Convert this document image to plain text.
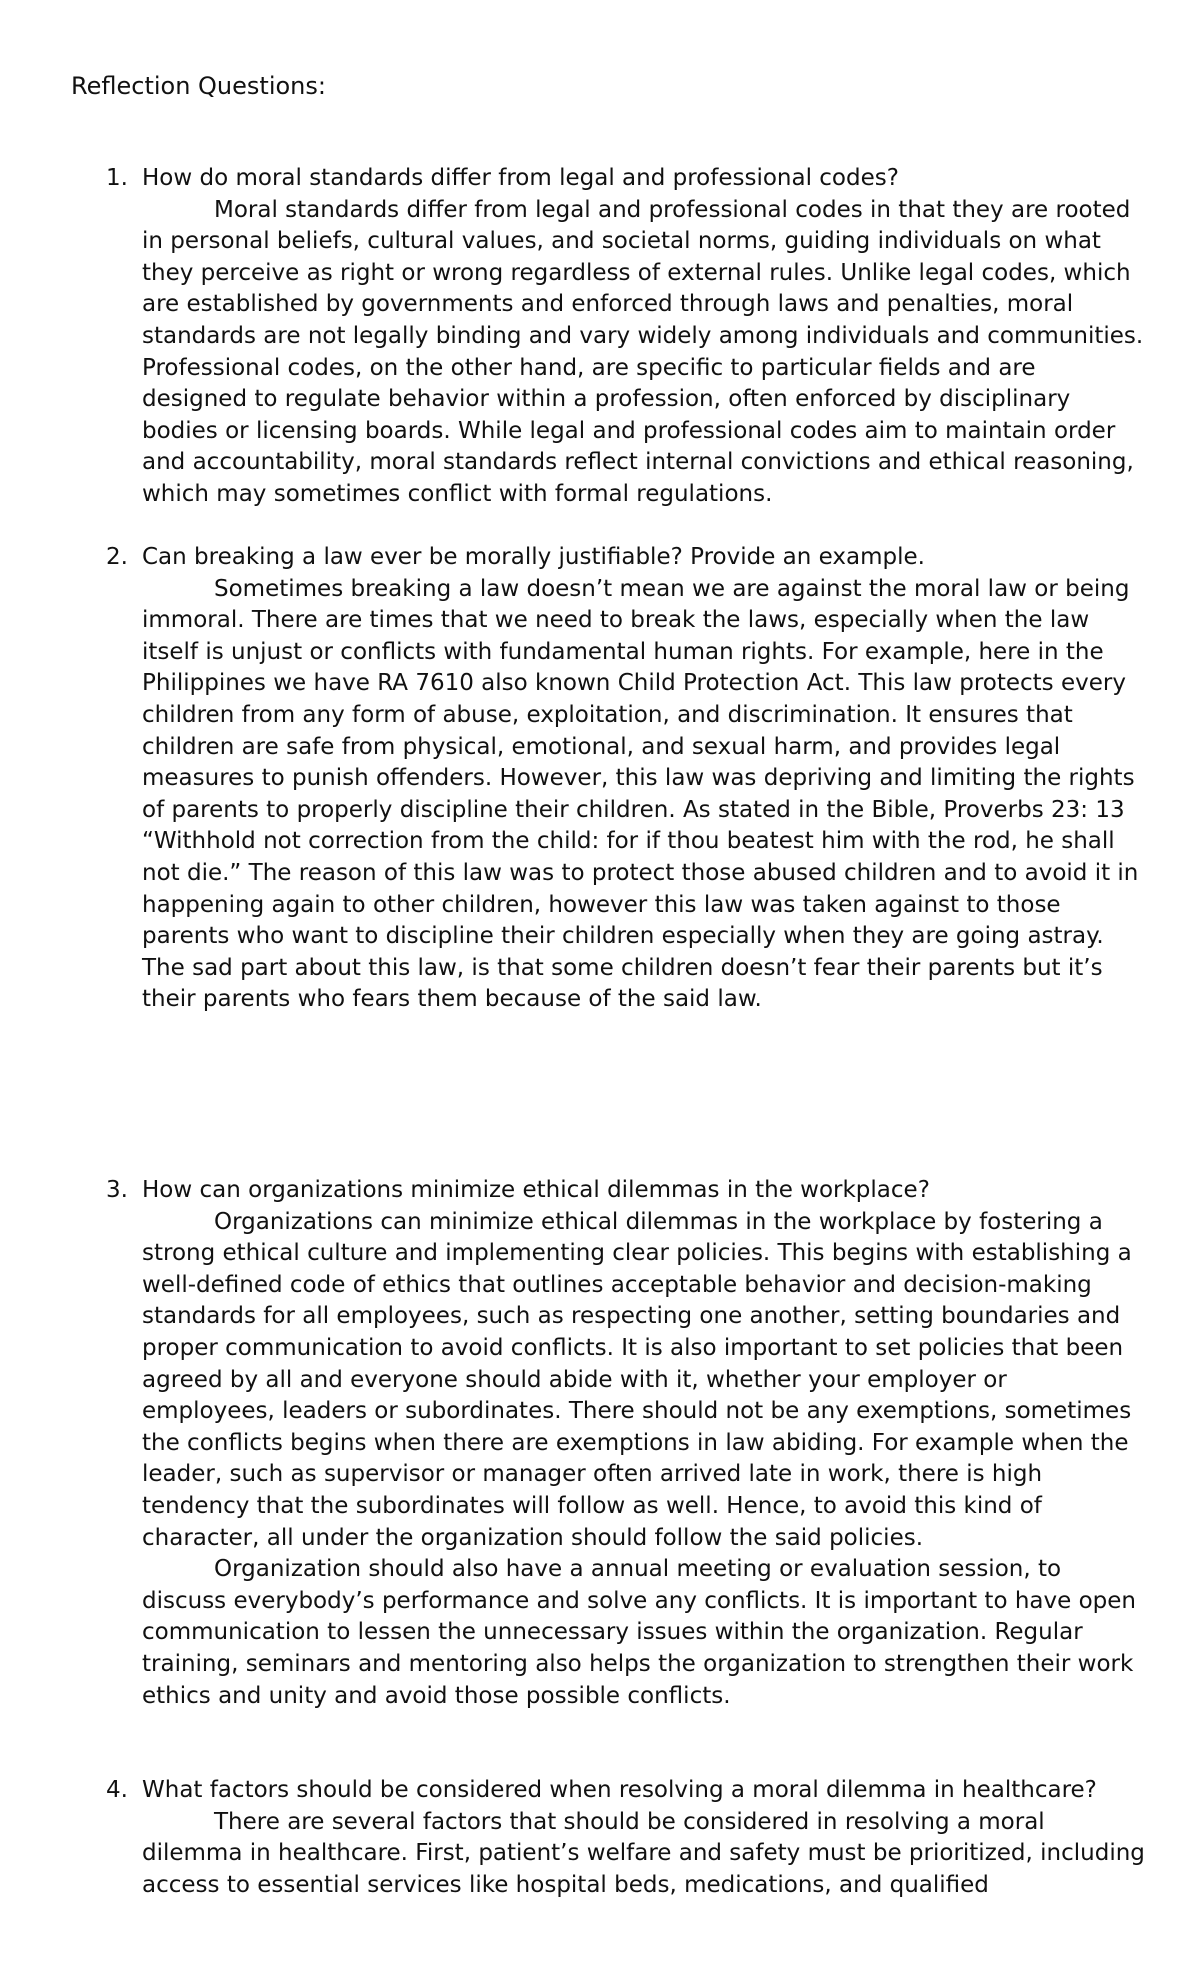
Reflection Questions:
1. How do moral standards differ from legal and professional codes?

Moral standards differ from legal and professional codes in that they are rooted in personal beliefs, cultural values, and societal norms, guiding individuals on what they perceive as right or wrong regardless of external rules. Unlike legal codes, which are established by governments and enforced through laws and penalties, moral standards are not legally binding and vary widely among individuals and communities. Professional codes, on the other hand, are specific to particular fields and are designed to regulate behavior within a profession, often enforced by disciplinary bodies or licensing boards. While legal and professional codes aim to maintain order and accountability, moral standards reflect internal convictions and ethical reasoning, which may sometimes conflict with formal regulations.

2. Can breaking a law ever be morally justifiable? Provide an example.

Sometimes breaking a law doesn’t mean we are against the moral law or being immoral. There are times that we need to break the laws, especially when the law itself is unjust or conflicts with fundamental human rights. For example, here in the Philippines we have RA 7610 also known Child Protection Act. This law protects every children from any form of abuse, exploitation, and discrimination. It ensures that children are safe from physical, emotional, and sexual harm, and provides legal measures to punish offenders. However, this law was depriving and limiting the rights of parents to properly discipline their children. As stated in the Bible, Proverbs 23: 13 “Withhold not correction from the child: for if thou beatest him with the rod, he shall not die.” The reason of this law was to protect those abused children and to avoid it in happening again to other children, however this law was taken against to those parents who want to discipline their children especially when they are going astray. The sad part about this law, is that some children doesn’t fear their parents but it’s their parents who fears them because of the said law.

3. How can organizations minimize ethical dilemmas in the workplace?

Organizations can minimize ethical dilemmas in the workplace by fostering a strong ethical culture and implementing clear policies. This begins with establishing a well-defined code of ethics that outlines acceptable behavior and decision-making standards for all employees, such as respecting one another, setting boundaries and proper communication to avoid conflicts. It is also important to set policies that been agreed by all and everyone should abide with it, whether your employer or employees, leaders or subordinates. There should not be any exemptions, sometimes the conflicts begins when there are exemptions in law abiding. For example when the leader, such as supervisor or manager often arrived late in work, there is high tendency that the subordinates will follow as well. Hence, to avoid this kind of character, all under the organization should follow the said policies.

Organization should also have a annual meeting or evaluation session, to discuss everybody’s performance and solve any conflicts. It is important to have open communication to lessen the unnecessary issues within the organization. Regular training, seminars and mentoring also helps the organization to strengthen their work ethics and unity and avoid those possible conflicts.

4. What factors should be considered when resolving a moral dilemma in healthcare?

There are several factors that should be considered in resolving a moral dilemma in healthcare. First, patient’s welfare and safety must be prioritized, including access to essential services like hospital beds, medications, and qualified
